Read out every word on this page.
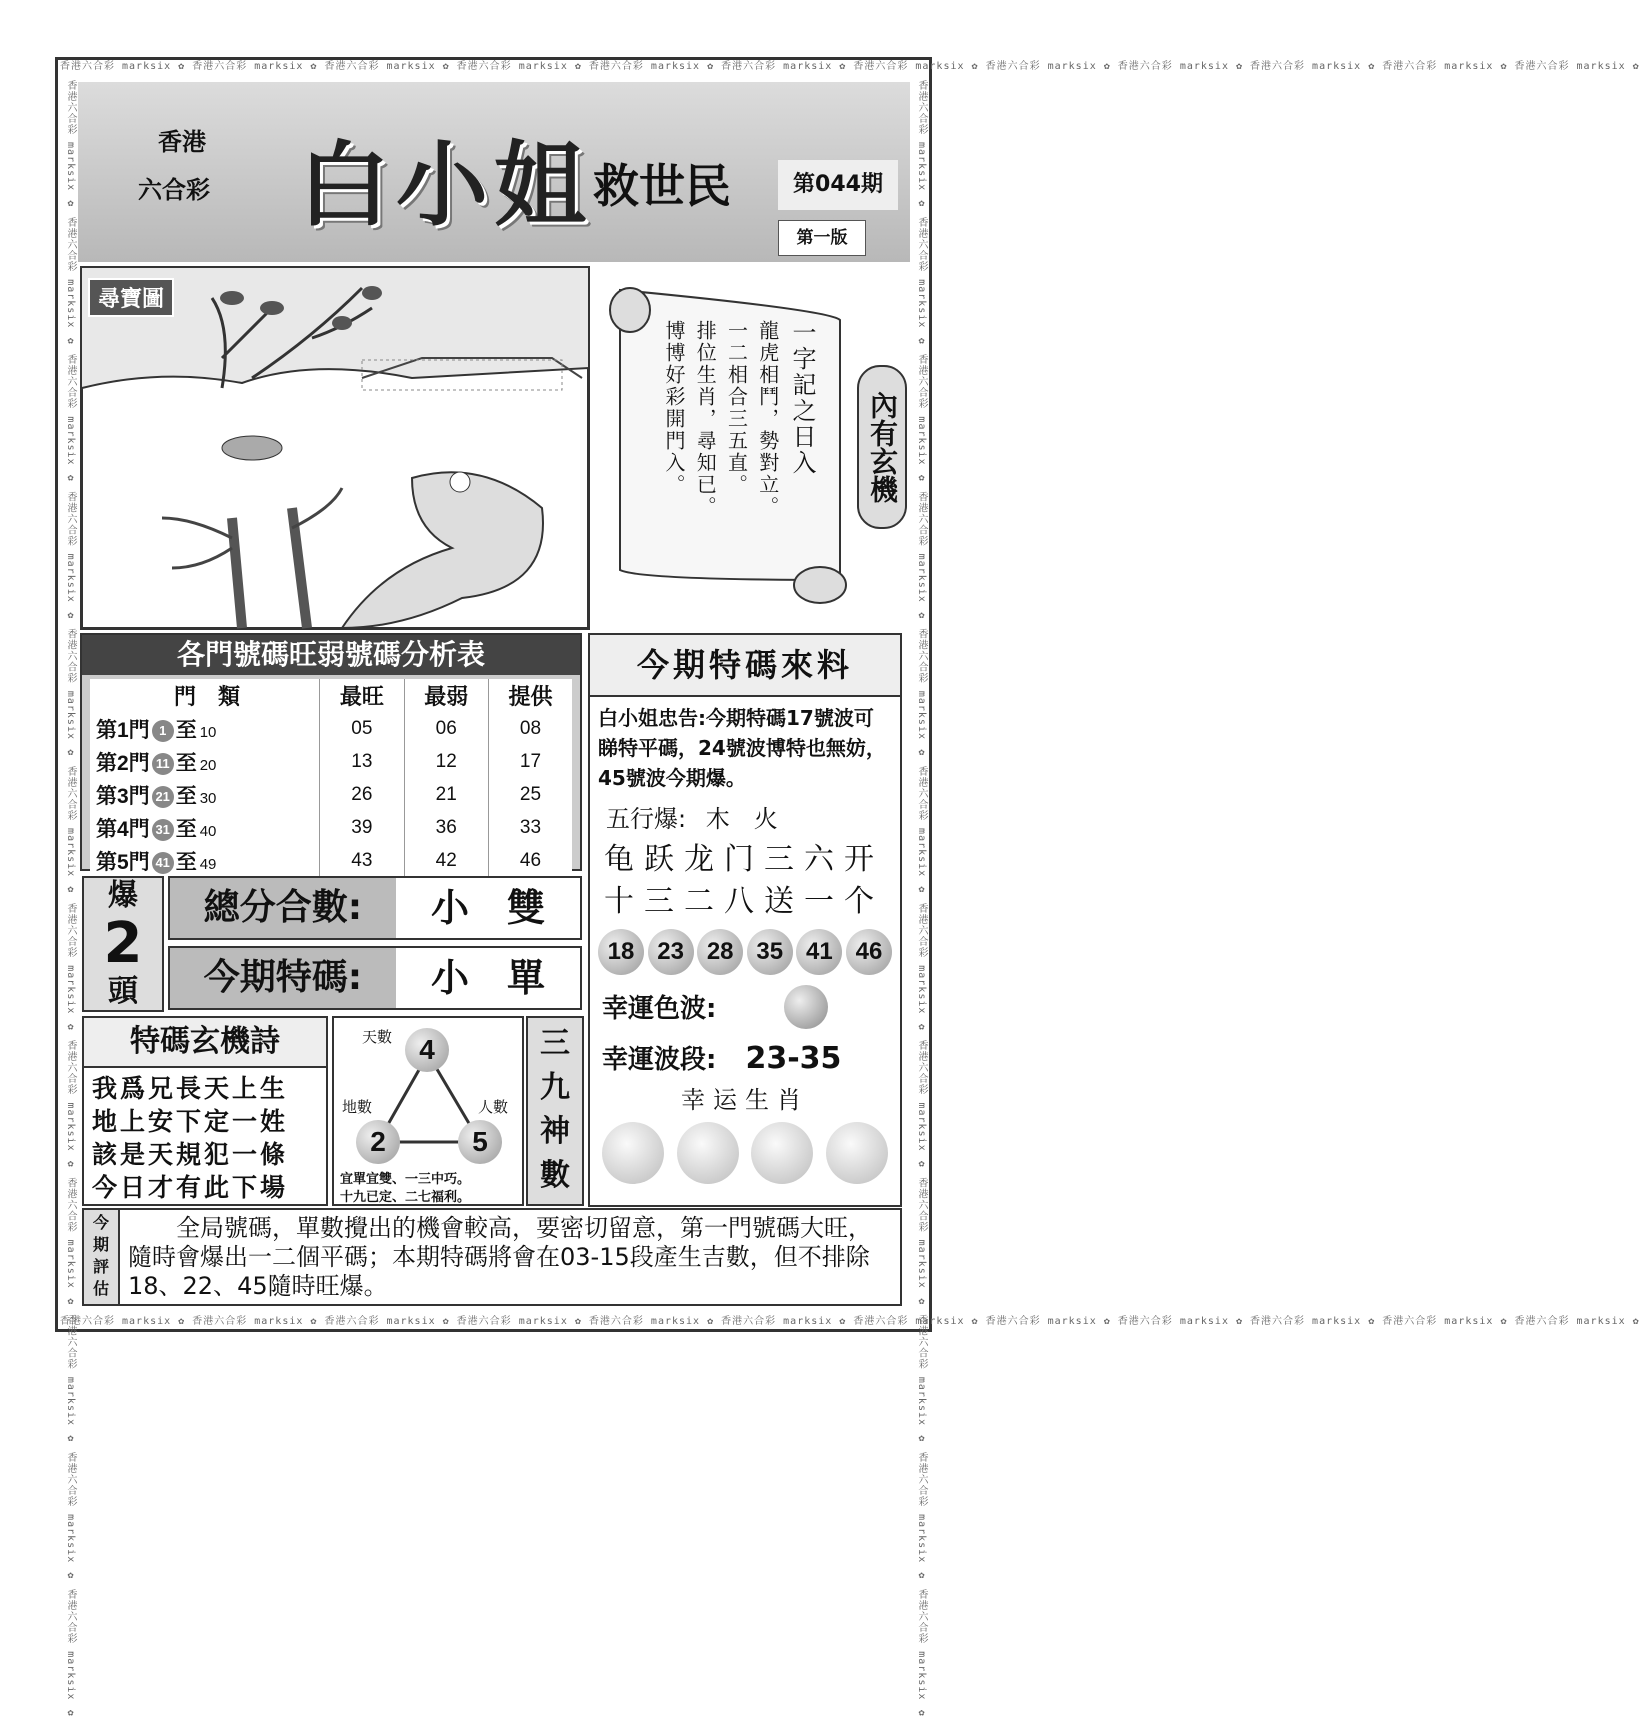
香港六合彩 marksix ✿ 香港六合彩 marksix ✿ 香港六合彩 marksix ✿ 香港六合彩 marksix ✿ 香港六合彩 marksix ✿ 香港六合彩 marksix ✿ 香港六合彩 marksix ✿ 香港六合彩 marksix ✿ 香港六合彩 marksix ✿ 香港六合彩 marksix ✿ 香港六合彩 marksix ✿ 香港六合彩 marksix ✿
香港六合彩 marksix ✿ 香港六合彩 marksix ✿ 香港六合彩 marksix ✿ 香港六合彩 marksix ✿ 香港六合彩 marksix ✿ 香港六合彩 marksix ✿ 香港六合彩 marksix ✿ 香港六合彩 marksix ✿ 香港六合彩 marksix ✿ 香港六合彩 marksix ✿ 香港六合彩 marksix ✿ 香港六合彩 marksix ✿
香港六合彩 marksix ✿ 香港六合彩 marksix ✿ 香港六合彩 marksix ✿ 香港六合彩 marksix ✿ 香港六合彩 marksix ✿ 香港六合彩 marksix ✿ 香港六合彩 marksix ✿ 香港六合彩 marksix ✿ 香港六合彩 marksix ✿ 香港六合彩 marksix ✿ 香港六合彩 marksix ✿ 香港六合彩 marksix ✿	香港六合彩 marksix ✿ 香港六合彩 marksix ✿ 香港六合彩 marksix ✿ 香港六合彩 marksix ✿ 香港六合彩 marksix ✿ 香港六合彩 marksix ✿ 香港六合彩 marksix ✿ 香港六合彩 marksix ✿ 香港六合彩 marksix ✿ 香港六合彩 marksix ✿ 香港六合彩 marksix ✿ 香港六合彩 marksix ✿
香港
六合彩 白小姐 救世民	第044期
第一版
尋寶圖
一字記之日入
龍虎相鬥，勢對立。
一二相合三五直。
排位生肖，尋知已。
博博好彩開門入。	內有玄機
各門號碼旺弱號碼分析表
門　類	最旺	最弱	提供
第1門 1 至 10	05	06	08
第2門 11 至 20	13	12	17
第3門 21 至 30	26	21	25
第4門 31 至 40	39	36	33
第5門 41 至 49	43	42	46
今期特碼來料
白小姐忠告:今期特碼17號波可睇特平碼，24號波博特也無妨，45號波今期爆。
五行爆: 木　火
龟跃龙门三六开
十三二八送一个
18 23 28 35 41 46
幸運色波:
幸運波段: 23-35
幸运生肖
爆
2
頭
總分合數:	小　雙
今期特碼:	小　單
特碼玄機詩
我爲兄長天上生
地上安下定一姓
該是天規犯一條
今日才有此下場
天數 4
地數
2
人數
5
宜單宜雙、一三中巧。
十九已定、二七福利。
三
九
神
數
今
期
評
估
全局號碼，單數攪出的機會較高，要密切留意，第一門號碼大旺，隨時會爆出一二個平碼；本期特碼將會在03-15段產生吉數，但不排除18、22、45隨時旺爆。
